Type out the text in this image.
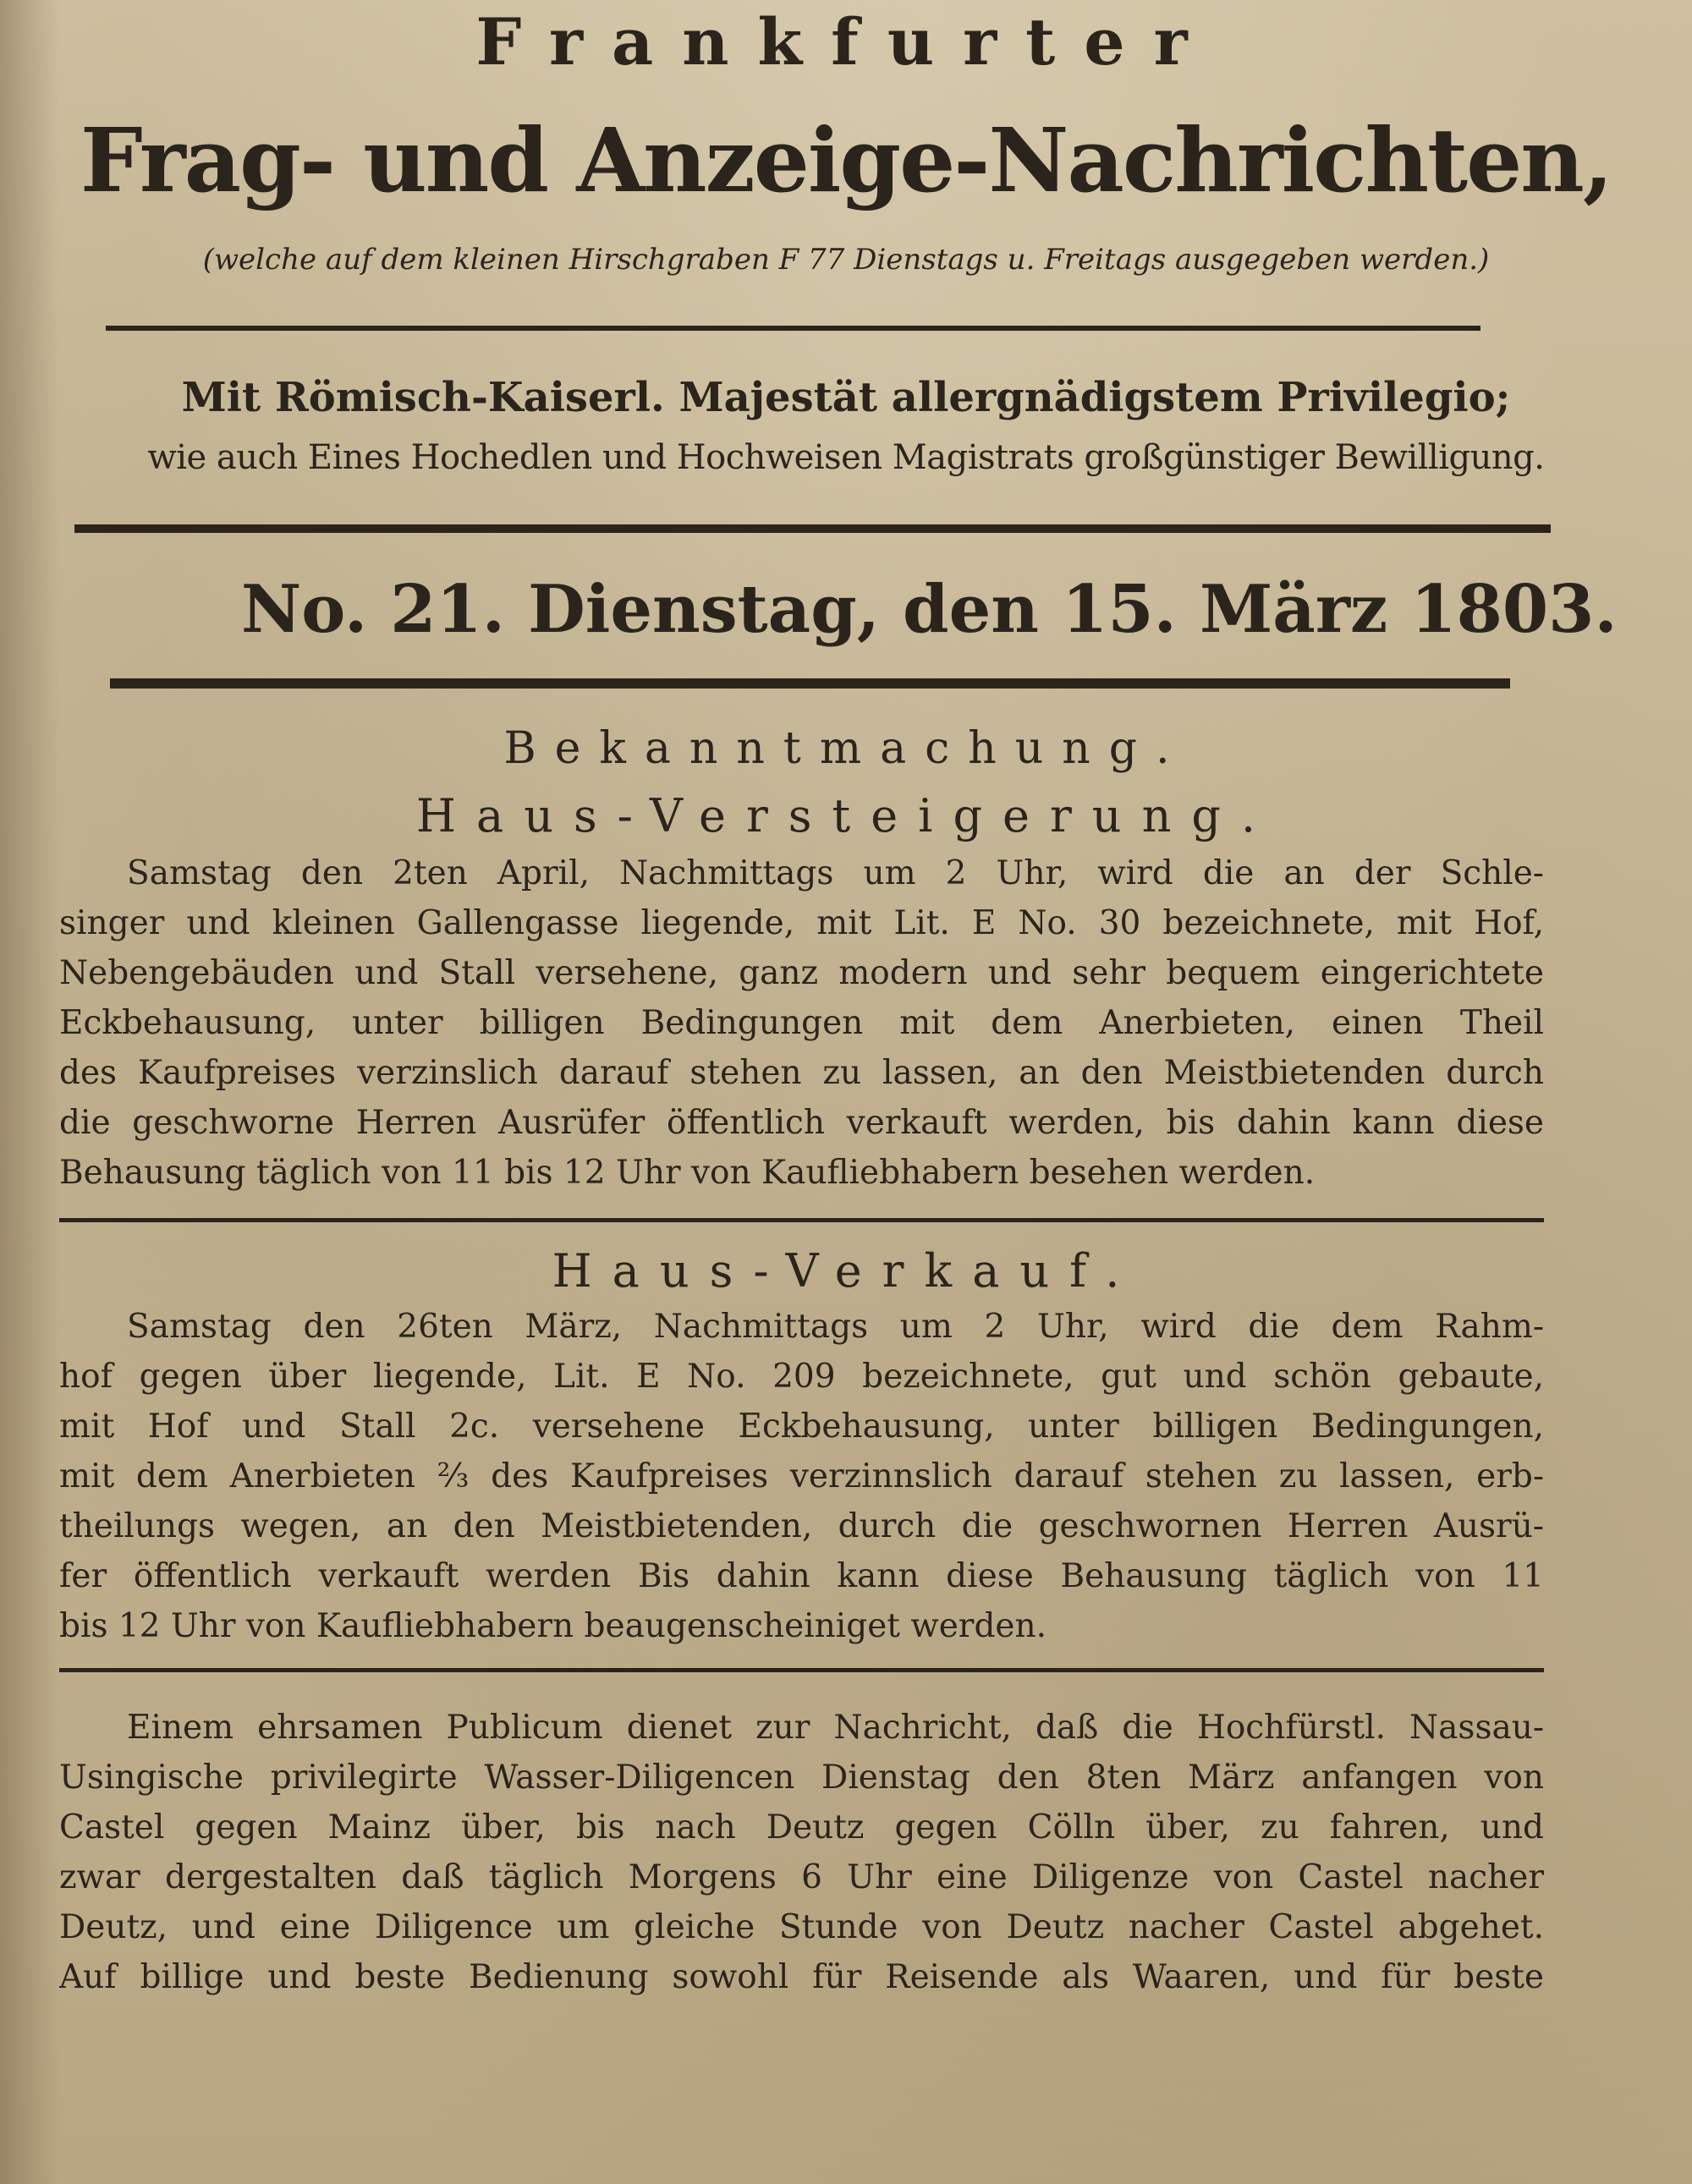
Frankfurter
Frag- und Anzeige-Nachrichten,
(welche auf dem kleinen Hirschgraben F 77 Dienstags u. Freitags ausgegeben werden.)
Mit Römisch-Kaiserl. Majestät allergnädigstem Privilegio;
wie auch Eines Hochedlen und Hochweisen Magistrats großgünstiger Bewilligung.
No. 21. Dienstag, den 15. März 1803.
Bekanntmachung.
Haus-Versteigerung.
Samstag den 2ten April, Nachmittags um 2 Uhr, wird die an der Schle-
singer und kleinen Gallengasse liegende, mit Lit. E No. 30 bezeichnete, mit Hof,
Nebengebäuden und Stall versehene, ganz modern und sehr bequem eingerichtete
Eckbehausung, unter billigen Bedingungen mit dem Anerbieten, einen Theil
des Kaufpreises verzinslich darauf stehen zu lassen, an den Meistbietenden durch
die geschworne Herren Ausrüfer öffentlich verkauft werden, bis dahin kann diese
Behausung täglich von 11 bis 12 Uhr von Kaufliebhabern besehen werden.
Haus-Verkauf.
Samstag den 26ten März, Nachmittags um 2 Uhr, wird die dem Rahm-
hof gegen über liegende, Lit. E No. 209 bezeichnete, gut und schön gebaute,
mit Hof und Stall 2c. versehene Eckbehausung, unter billigen Bedingungen,
mit dem Anerbieten ⅔ des Kaufpreises verzinnslich darauf stehen zu lassen, erb-
theilungs wegen, an den Meistbietenden, durch die geschwornen Herren Ausrü-
fer öffentlich verkauft werden Bis dahin kann diese Behausung täglich von 11
bis 12 Uhr von Kaufliebhabern beaugenscheiniget werden.
Einem ehrsamen Publicum dienet zur Nachricht, daß die Hochfürstl. Nassau-
Usingische privilegirte Wasser-Diligencen Dienstag den 8ten März anfangen von
Castel gegen Mainz über, bis nach Deutz gegen Cölln über, zu fahren, und
zwar dergestalten daß täglich Morgens 6 Uhr eine Diligenze von Castel nacher
Deutz, und eine Diligence um gleiche Stunde von Deutz nacher Castel abgehet.
Auf billige und beste Bedienung sowohl für Reisende als Waaren, und für beste
